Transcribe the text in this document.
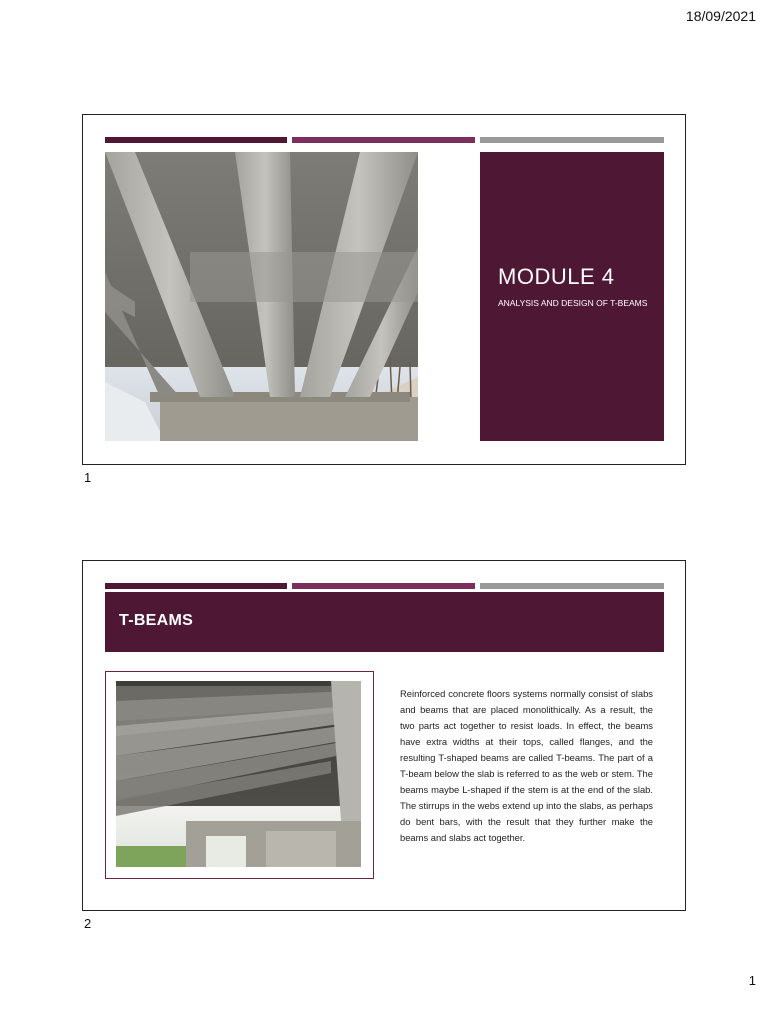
18/09/2021
MODULE 4
ANALYSIS AND DESIGN OF T-BEAMS
1
T-BEAMS
Reinforced concrete floors systems normally consist of slabs and beams that are placed monolithically. As a result, the two parts act together to resist loads. In effect, the beams have extra widths at their tops, called flanges, and the resulting T-shaped beams are called T-beams. The part of a T-beam below the slab is referred to as the web or stem. The beams maybe L-shaped if the stem is at the end of the slab. The stirrups in the webs extend up into the slabs, as perhaps do bent bars, with the result that they further make the beams and slabs act together.
2
1
